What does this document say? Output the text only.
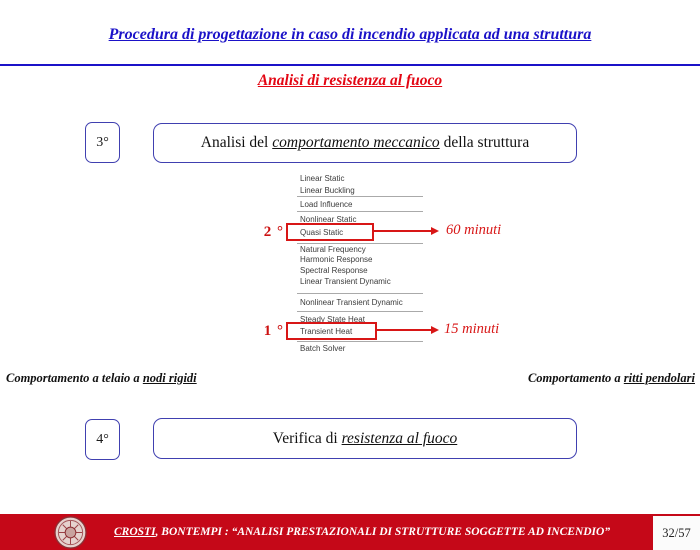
Procedura di progettazione in caso di incendio applicata ad una struttura
Analisi di resistenza al fuoco
3°	Analisi del comportamento meccanico della struttura
Linear Static
Linear Buckling
Load Influence
Nonlinear Static
Quasi Static
Natural Frequency
Harmonic Response
Spectral Response
Linear Transient Dynamic
Nonlinear Transient Dynamic
Steady State Heat
Transient Heat
Batch Solver
2 °	60 minuti
1 °	15 minuti
Comportamento a telaio a nodi rigidi	Comportamento a ritti pendolari
4°	Verifica di resistenza al fuoco
CROSTI , BONTEMPI : “ANALISI PRESTAZIONALI DI STRUTTURE SOGGETTE AD INCENDIO”	32/57
